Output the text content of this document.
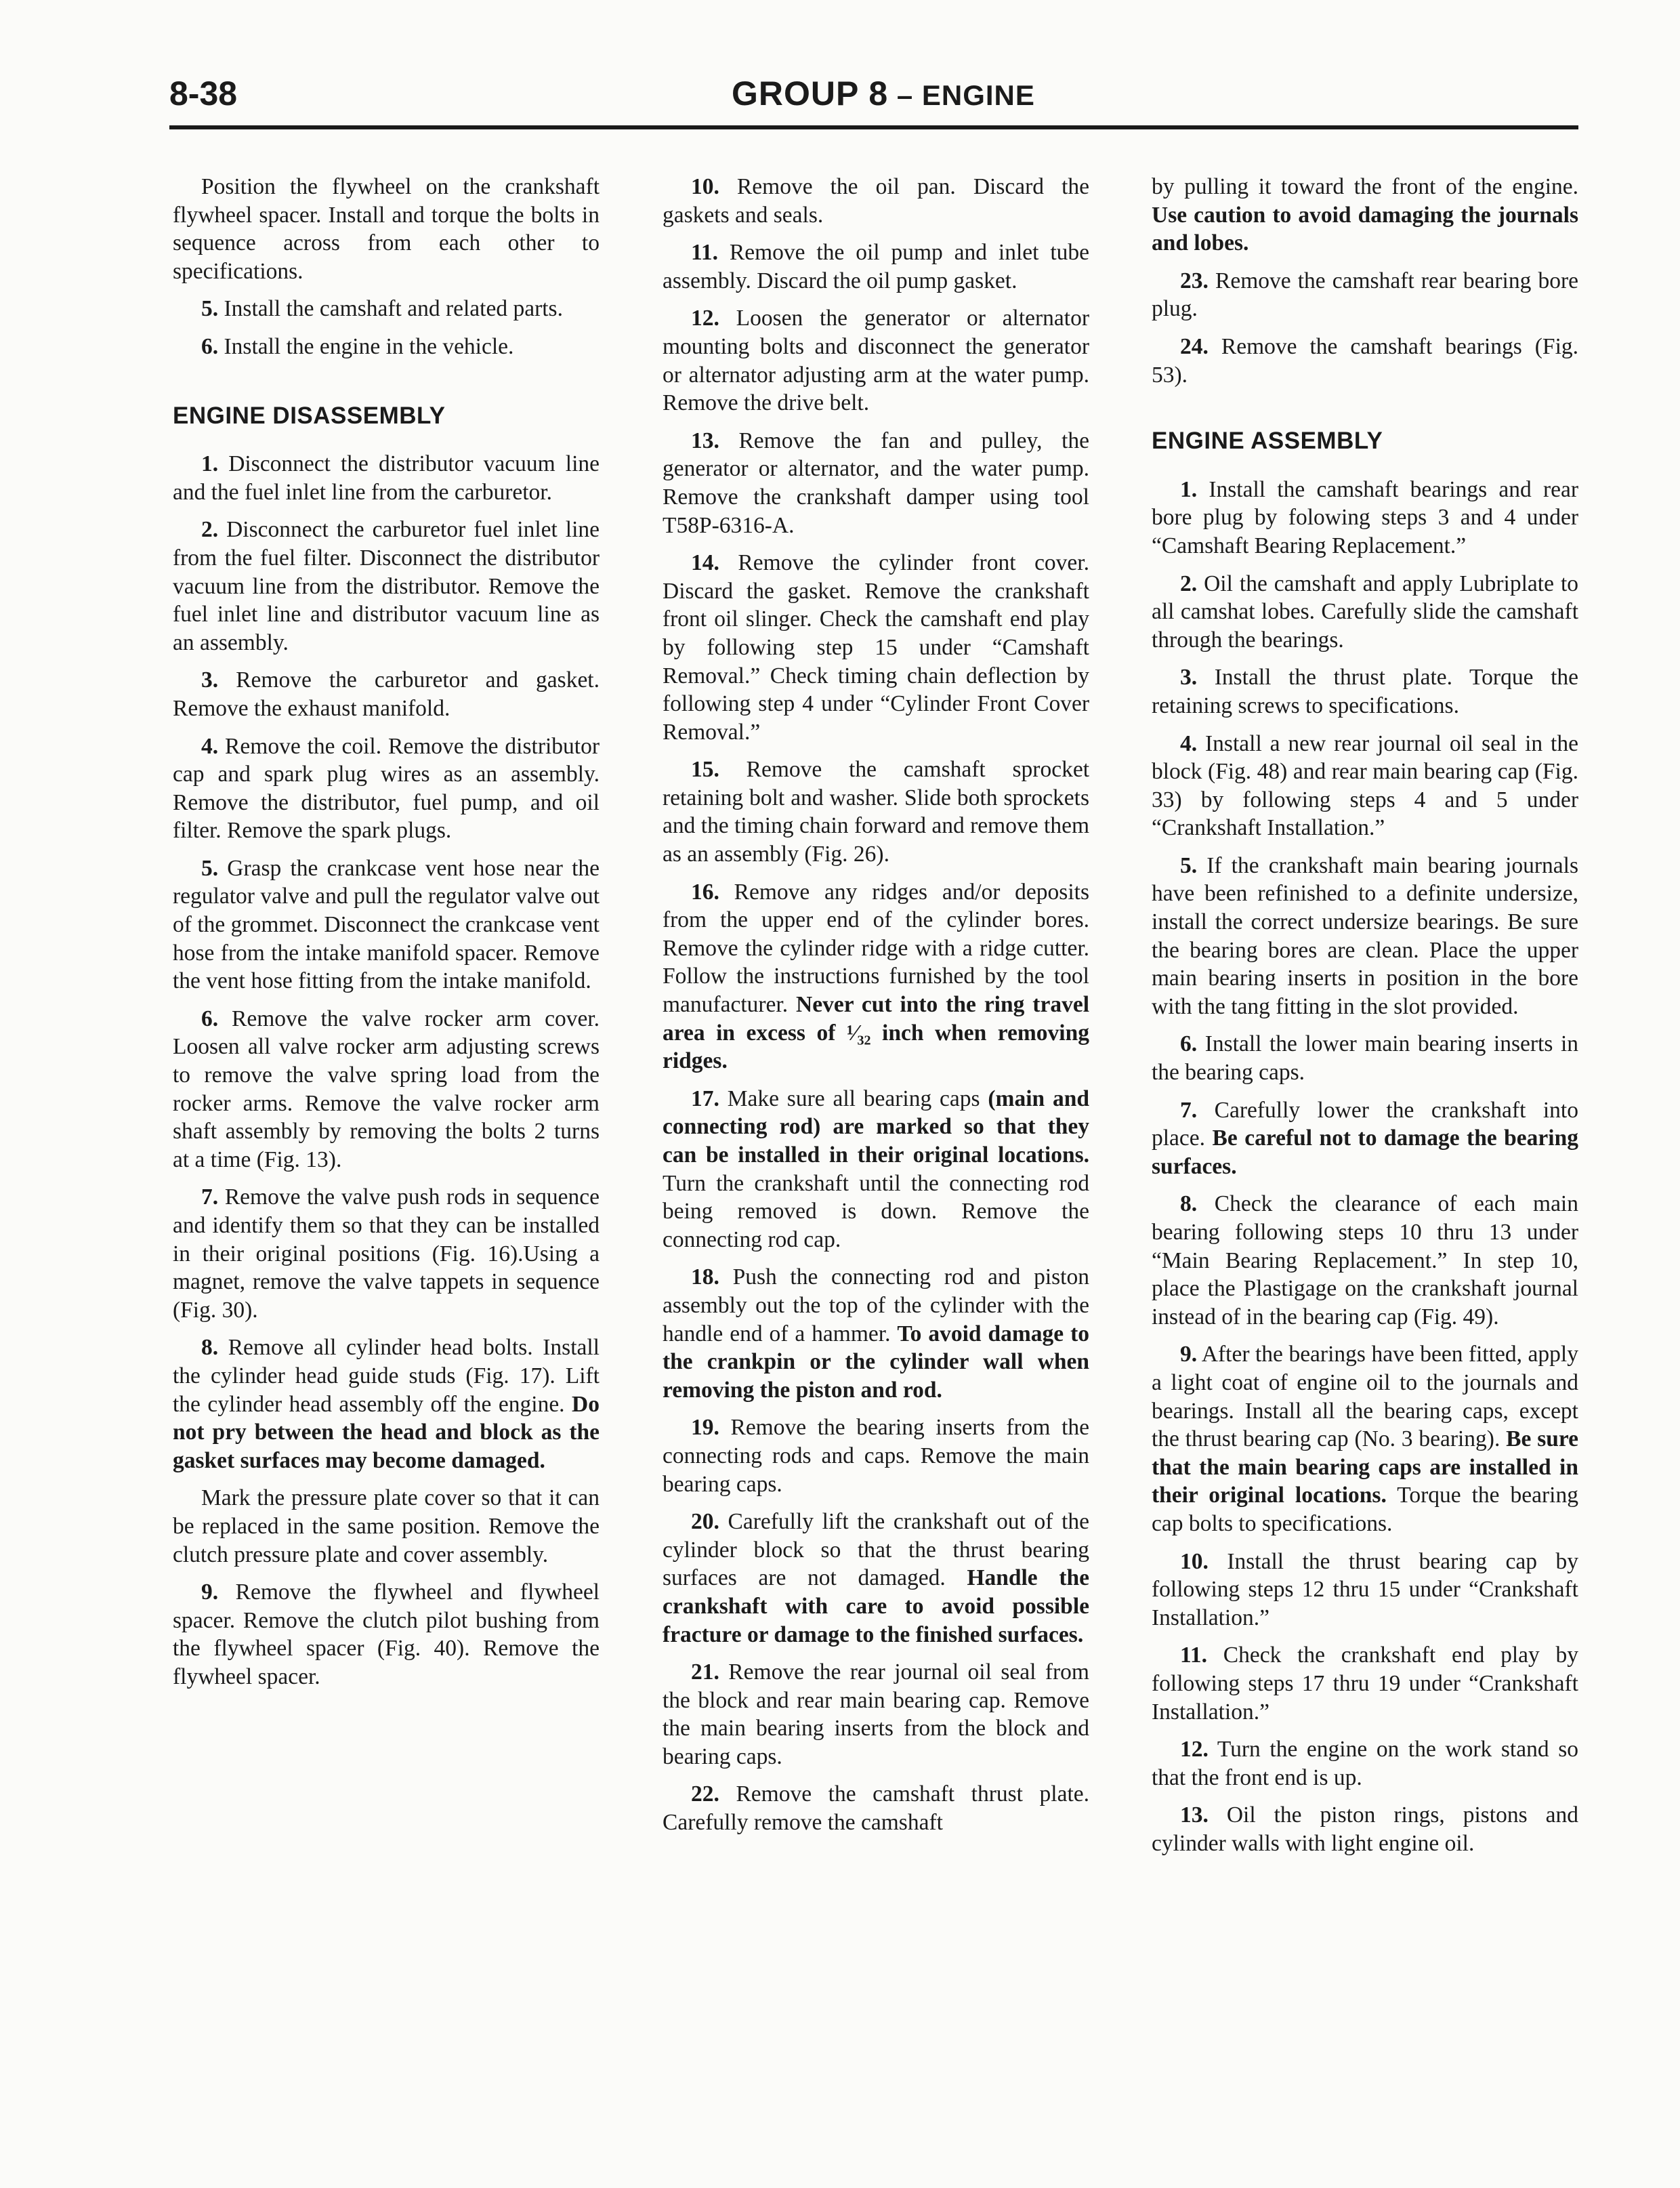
8-38	GROUP 8 – ENGINE

Position the flywheel on the crankshaft flywheel spacer. Install and torque the bolts in sequence across from each other to specifications.

5. Install the camshaft and related parts.

6. Install the engine in the vehicle.

ENGINE DISASSEMBLY

1. Disconnect the distributor vacuum line and the fuel inlet line from the carburetor.

2. Disconnect the carburetor fuel inlet line from the fuel filter. Disconnect the distributor vacuum line from the distributor. Remove the fuel inlet line and distributor vacuum line as an assembly.

3. Remove the carburetor and gasket. Remove the exhaust manifold.

4. Remove the coil. Remove the distributor cap and spark plug wires as an assembly. Remove the distributor, fuel pump, and oil filter. Remove the spark plugs.

5. Grasp the crankcase vent hose near the regulator valve and pull the regulator valve out of the grommet. Disconnect the crankcase vent hose from the intake manifold spacer. Remove the vent hose fitting from the intake manifold.

6. Remove the valve rocker arm cover. Loosen all valve rocker arm adjusting screws to remove the valve spring load from the rocker arms. Remove the valve rocker arm shaft assembly by removing the bolts 2 turns at a time (Fig. 13).

7. Remove the valve push rods in sequence and identify them so that they can be installed in their original positions (Fig. 16).Using a magnet, remove the valve tappets in sequence (Fig. 30).

8. Remove all cylinder head bolts. Install the cylinder head guide studs (Fig. 17). Lift the cylinder head assembly off the engine. Do not pry between the head and block as the gasket surfaces may become damaged.

Mark the pressure plate cover so that it can be replaced in the same position. Remove the clutch pressure plate and cover assembly.

9. Remove the flywheel and flywheel spacer. Remove the clutch pilot bushing from the flywheel spacer (Fig. 40). Remove the flywheel spacer.

10. Remove the oil pan. Discard the gaskets and seals.

11. Remove the oil pump and inlet tube assembly. Discard the oil pump gasket.

12. Loosen the generator or alternator mounting bolts and disconnect the generator or alternator adjusting arm at the water pump. Remove the drive belt.

13. Remove the fan and pulley, the generator or alternator, and the water pump. Remove the crankshaft damper using tool T58P-6316-A.

14. Remove the cylinder front cover. Discard the gasket. Remove the crankshaft front oil slinger. Check the camshaft end play by following step 15 under “Camshaft Removal.” Check timing chain deflection by following step 4 under “Cylinder Front Cover Removal.”

15. Remove the camshaft sprocket retaining bolt and washer. Slide both sprockets and the timing chain forward and remove them as an assembly (Fig. 26).

16. Remove any ridges and/or deposits from the upper end of the cylinder bores. Remove the cylinder ridge with a ridge cutter. Follow the instructions furnished by the tool manufacturer. Never cut into the ring travel area in excess of ¹⁄₃₂ inch when removing ridges.

17. Make sure all bearing caps (main and connecting rod) are marked so that they can be installed in their original locations. Turn the crankshaft until the connecting rod being removed is down. Remove the connecting rod cap.

18. Push the connecting rod and piston assembly out the top of the cylinder with the handle end of a hammer. To avoid damage to the crankpin or the cylinder wall when removing the piston and rod.

19. Remove the bearing inserts from the connecting rods and caps. Remove the main bearing caps.

20. Carefully lift the crankshaft out of the cylinder block so that the thrust bearing surfaces are not damaged. Handle the crankshaft with care to avoid possible fracture or damage to the finished surfaces.

21. Remove the rear journal oil seal from the block and rear main bearing cap. Remove the main bearing inserts from the block and bearing caps.

22. Remove the camshaft thrust plate. Carefully remove the camshaft

by pulling it toward the front of the engine. Use caution to avoid damaging the journals and lobes.

23. Remove the camshaft rear bearing bore plug.

24. Remove the camshaft bearings (Fig. 53).

ENGINE ASSEMBLY

1. Install the camshaft bearings and rear bore plug by folowing steps 3 and 4 under “Camshaft Bearing Replacement.”

2. Oil the camshaft and apply Lubriplate to all camshat lobes. Carefully slide the camshaft through the bearings.

3. Install the thrust plate. Torque the retaining screws to specifications.

4. Install a new rear journal oil seal in the block (Fig. 48) and rear main bearing cap (Fig. 33) by following steps 4 and 5 under “Crankshaft Installation.”

5. If the crankshaft main bearing journals have been refinished to a definite undersize, install the correct undersize bearings. Be sure the bearing bores are clean. Place the upper main bearing inserts in position in the bore with the tang fitting in the slot provided.

6. Install the lower main bearing inserts in the bearing caps.

7. Carefully lower the crankshaft into place. Be careful not to damage the bearing surfaces.

8. Check the clearance of each main bearing following steps 10 thru 13 under “Main Bearing Replacement.” In step 10, place the Plastigage on the crankshaft journal instead of in the bearing cap (Fig. 49).

9. After the bearings have been fitted, apply a light coat of engine oil to the journals and bearings. Install all the bearing caps, except the thrust bearing cap (No. 3 bearing). Be sure that the main bearing caps are installed in their original locations. Torque the bearing cap bolts to specifications.

10. Install the thrust bearing cap by following steps 12 thru 15 under “Crankshaft Installation.”

11. Check the crankshaft end play by following steps 17 thru 19 under “Crankshaft Installation.”

12. Turn the engine on the work stand so that the front end is up.

13. Oil the piston rings, pistons and cylinder walls with light engine oil.
